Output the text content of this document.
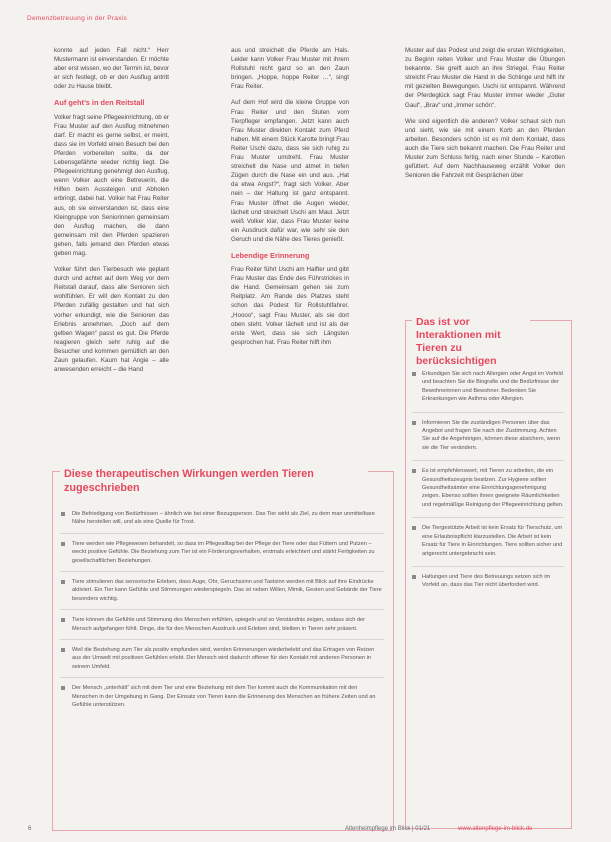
Demenzbetreuung in der Praxis

konnte auf jeden Fall nicht.“ Herr Mustermann ist einverstanden. Er möchte aber erst wissen, wo der Termin ist, bevor er sich festlegt, ob er den Ausflug antritt oder zu Hause bleibt.

Auf geht’s in den Reitstall

Volker fragt seine Pflegeeinrichtung, ob er Frau Muster auf den Ausflug mitnehmen darf. Er macht es gerne selbst, er meint, dass sie im Vorfeld einen Besuch bei den Pferden vorbereiten sollte, da der Lebensgefährte wieder richtig liegt. Die Pflegeeinrichtung genehmigt den Ausflug, wenn Volker auch eine Betreuerin, die Hilfen beim Aussteigen und Abholen erbringt, dabei hat. Volker hat Frau Reiter aus, ob sie einverstanden ist, dass eine Kleingruppe von Seniorinnen gemeinsam den Ausflug machen, die dann gemeinsam mit den Pferden spazieren gehen, falls jemand den Pferden etwas geben mag.

Volker führt den Tierbesuch wie geplant durch und achtet auf dem Weg vor dem Reitstall darauf, dass alle Senioren sich wohlfühlen. Er will den Kontakt zu den Pferden zufällig gestalten und hat sich vorher erkundigt, wie die Senioren das Erlebnis annehmen. „Doch auf dem gelben Wagen“ passt es gut. Die Pferde reagieren gleich sehr ruhig auf die Besucher und kommen gemütlich an den Zaun gelaufen. Kaum hat Angie – alle anwesenden erreicht – die Hand

aus und streichelt die Pferde am Hals. Leider kann Volker Frau Muster mit ihrem Rollstuhl nicht ganz so an den Zaun bringen. „Hoppe, hoppe Reiter …“, singt Frau Reiter.

Auf dem Hof wird die kleine Gruppe von Frau Reiter und den Stuten vom Tierpfleger empfangen. Jetzt kann auch Frau Muster direkten Kontakt zum Pferd haben. Mit einem Stück Karotte bringt Frau Reiter Uschi dazu, dass sie sich ruhig zu Frau Muster umdreht. Frau Muster streichelt die Nase und atmet in tiefen Zügen durch die Nase ein und aus. „Hat da etwa Angst?“, fragt sich Volker. Aber nein – der Haltung ist ganz entspannt. Frau Muster öffnet die Augen wieder, lächelt und streichelt Uschi am Maul. Jetzt weiß Volker klar, dass Frau Muster keine ein Ausdruck dafür war, wie sehr sie den Geruch und die Nähe des Tieres genießt.

Lebendige Erinnerung

Frau Reiter führt Uschi am Halfter und gibt Frau Muster das Ende des Führstrickes in die Hand. Gemeinsam gehen sie zum Reitplatz. Am Rande des Platzes steht schon das Podest für Rollstuhlfahrer. „Hoooo“, sagt Frau Muster, als sie dort oben steht. Volker lächelt und ist als der erste Wert, dass sie sich Längsten gesprochen hat. Frau Reiter hilft ihm

Muster auf das Podest und zeigt die ersten Wichtigkeiten, zu Beginn reiten Volker und Frau Muster die Übungen bekannte. Sie greift auch an ihre Striegel. Frau Reiter streicht Frau Muster die Hand in die Schlinge und hilft ihr mit gezielten Bewegungen. Uschi ist entspannt. Während der Pferdeglück sagt Frau Muster immer wieder „Guter Gaul“, „Brav“ und „Immer schön“.

Wie sind eigentlich die anderen? Volker schaut sich nun und sieht, wie sie mit einem Korb an den Pferden arbeiten. Besonders schön ist es mit dem Kontakt, dass auch die Tiere sich bekannt machen. Die Frau Reiter und Muster zum Schluss fertig, nach einer Stunde – Karotten gefüttert. Auf dem Nachhauseweg erzählt Volker den Senioren die Fahrzeit mit Gesprächen über

Das ist vor Interaktionen mit Tieren zu berücksichtigen
Erkundigen Sie sich nach Allergien oder Angst im Vorfeld und beachten Sie die Biografie und die Bedürfnisse der Bewohnerinnen und Bewohner. Bedenken Sie Erkrankungen wie Asthma oder Allergien.
Informieren Sie die zuständigen Personen über das Angebot und fragen Sie nach der Zustimmung. Achten Sie auf die Angehörigen, können diese absichern, wenn sie die Tier verändern.
Es ist empfehlenswert, mit Tieren zu arbeiten, die ein Gesundheitszeugnis besitzen. Zur Hygiene sollten Gesundheitsämter eine Einrichtungsgenehmigung zeigen. Ebenso sollten ihnen geeignete Räumlichkeiten und regelmäßige Reinigung der Pflegeeinrichtung gelten.
Die Tiergestützte Arbeit ist kein Ersatz für Tierschutz, um eine Erlaubnispflicht klarzustellen. Die Arbeit ist kein Ersatz für Tiere in Einrichtungen. Tiere sollten sicher und artgerecht untergebracht sein.
Haltungen und Tiere des Betreuungs setzen sich im Vorfeld an, dass das Tier nicht überfordert wird.
Diese therapeutischen Wirkungen werden Tieren zugeschrieben
Die Befriedigung von Bedürfnissen – ähnlich wie bei einer Bezugsperson. Das Tier wirkt als Ziel, zu dem man unmittelbare Nähe herstellen will, und als eine Quelle für Trost.
Tiere werden wie Pflegewesen behandelt, so dass im Pflegealltag bei der Pflege der Tiere oder das Füttern und Putzen – weckt positive Gefühle. Die Beziehung zum Tier ist ein Förderungsverhalten, erstmals erleichtert und stärkt Fertigkeiten zu gesellschaftlichen Beziehungen.
Tiere stimulieren das sensorische Erleben, dass Auge, Ohr, Geruchssinn und Tastsinn werden mit Blick auf ihre Eindrücke aktiviert. Ein Tier kann Gefühle und Stimmungen wiederspiegeln. Das ist neben Willen, Mimik, Gesten und Gebärde der Tiere besonders wichtig.
Tiere können die Gefühle und Stimmung des Menschen erfühlen, spiegeln und so Verständnis zeigen, sodass sich der Mensch aufgefangen fühlt. Dinge, die für den Menschen Ausdruck und Erleben sind, bleiben in Tieren sehr präsent.
Weil die Beziehung zum Tier als positiv empfunden wird, werden Erinnerungen wiederbelebt und das Ertragen von Reizen aus der Umwelt mit positiven Gefühlen erlebt. Der Mensch wird dadurch offener für den Kontakt mit anderen Personen in seinem Umfeld.
Der Mensch „unterhält“ sich mit dem Tier und eine Beziehung mit dem Tier kommt auch die Kommunikation mit den Menschen in der Umgebung in Gang. Der Einsatz von Tieren kann die Erinnerung des Menschen an frühere Zeiten und an Gefühle unterstützen.
6	Altenheimpflege im Blick | 01/21	www.altenpflege-im-blick.de
